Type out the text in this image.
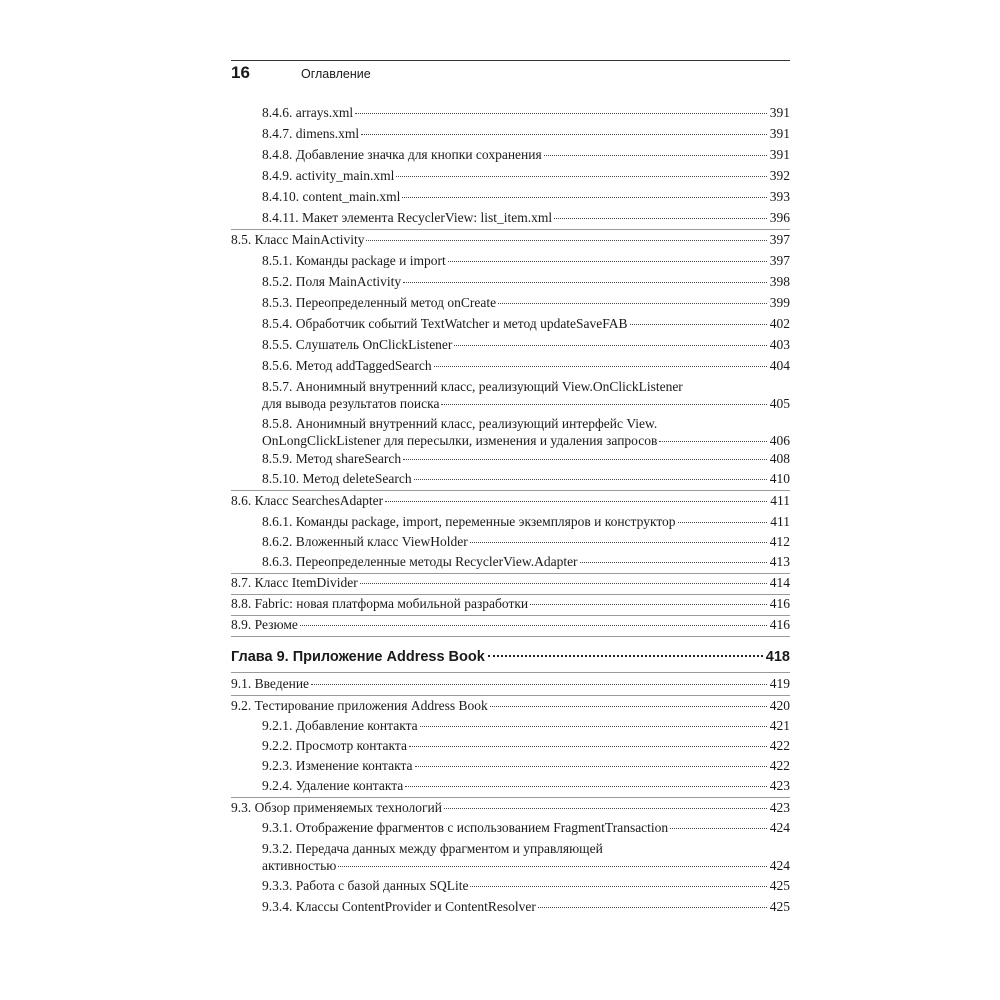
16	Оглавление
8.4.6. arrays.xml	391
8.4.7. dimens.xml	391
8.4.8. Добавление значка для кнопки сохранения	391
8.4.9. activity_main.xml	392
8.4.10. content_main.xml	393
8.4.11. Макет элемента RecyclerView: list_item.xml	396
8.5. Класс MainActivity	397
8.5.1. Команды package и import	397
8.5.2. Поля MainActivity	398
8.5.3. Переопределенный метод onCreate	399
8.5.4. Обработчик событий TextWatcher и метод updateSaveFAB	402
8.5.5. Слушатель OnClickListener	403
8.5.6. Метод addTaggedSearch	404
8.5.7. Анонимный внутренний класс, реализующий View.OnClickListener
для вывода результатов поиска	405
8.5.8. Анонимный внутренний класс, реализующий интерфейс View.
OnLongClickListener для пересылки, изменения и удаления запросов	406
8.5.9. Метод shareSearch	408
8.5.10. Метод deleteSearch	410
8.6. Класс SearchesAdapter	411
8.6.1. Команды package, import, переменные экземпляров и конструктор	411
8.6.2. Вложенный класс ViewHolder	412
8.6.3. Переопределенные методы RecyclerView.Adapter	413
8.7. Класс ItemDivider	414
8.8. Fabric: новая платформа мобильной разработки	416
8.9. Резюме	416
Глава 9. Приложение Address Book	418
9.1. Введение	419
9.2. Тестирование приложения Address Book	420
9.2.1. Добавление контакта	421
9.2.2. Просмотр контакта	422
9.2.3. Изменение контакта	422
9.2.4. Удаление контакта	423
9.3. Обзор применяемых технологий	423
9.3.1. Отображение фрагментов с использованием FragmentTransaction	424
9.3.2. Передача данных между фрагментом и управляющей
активностью	424
9.3.3. Работа с базой данных SQLite	425
9.3.4. Классы ContentProvider и ContentResolver	425
